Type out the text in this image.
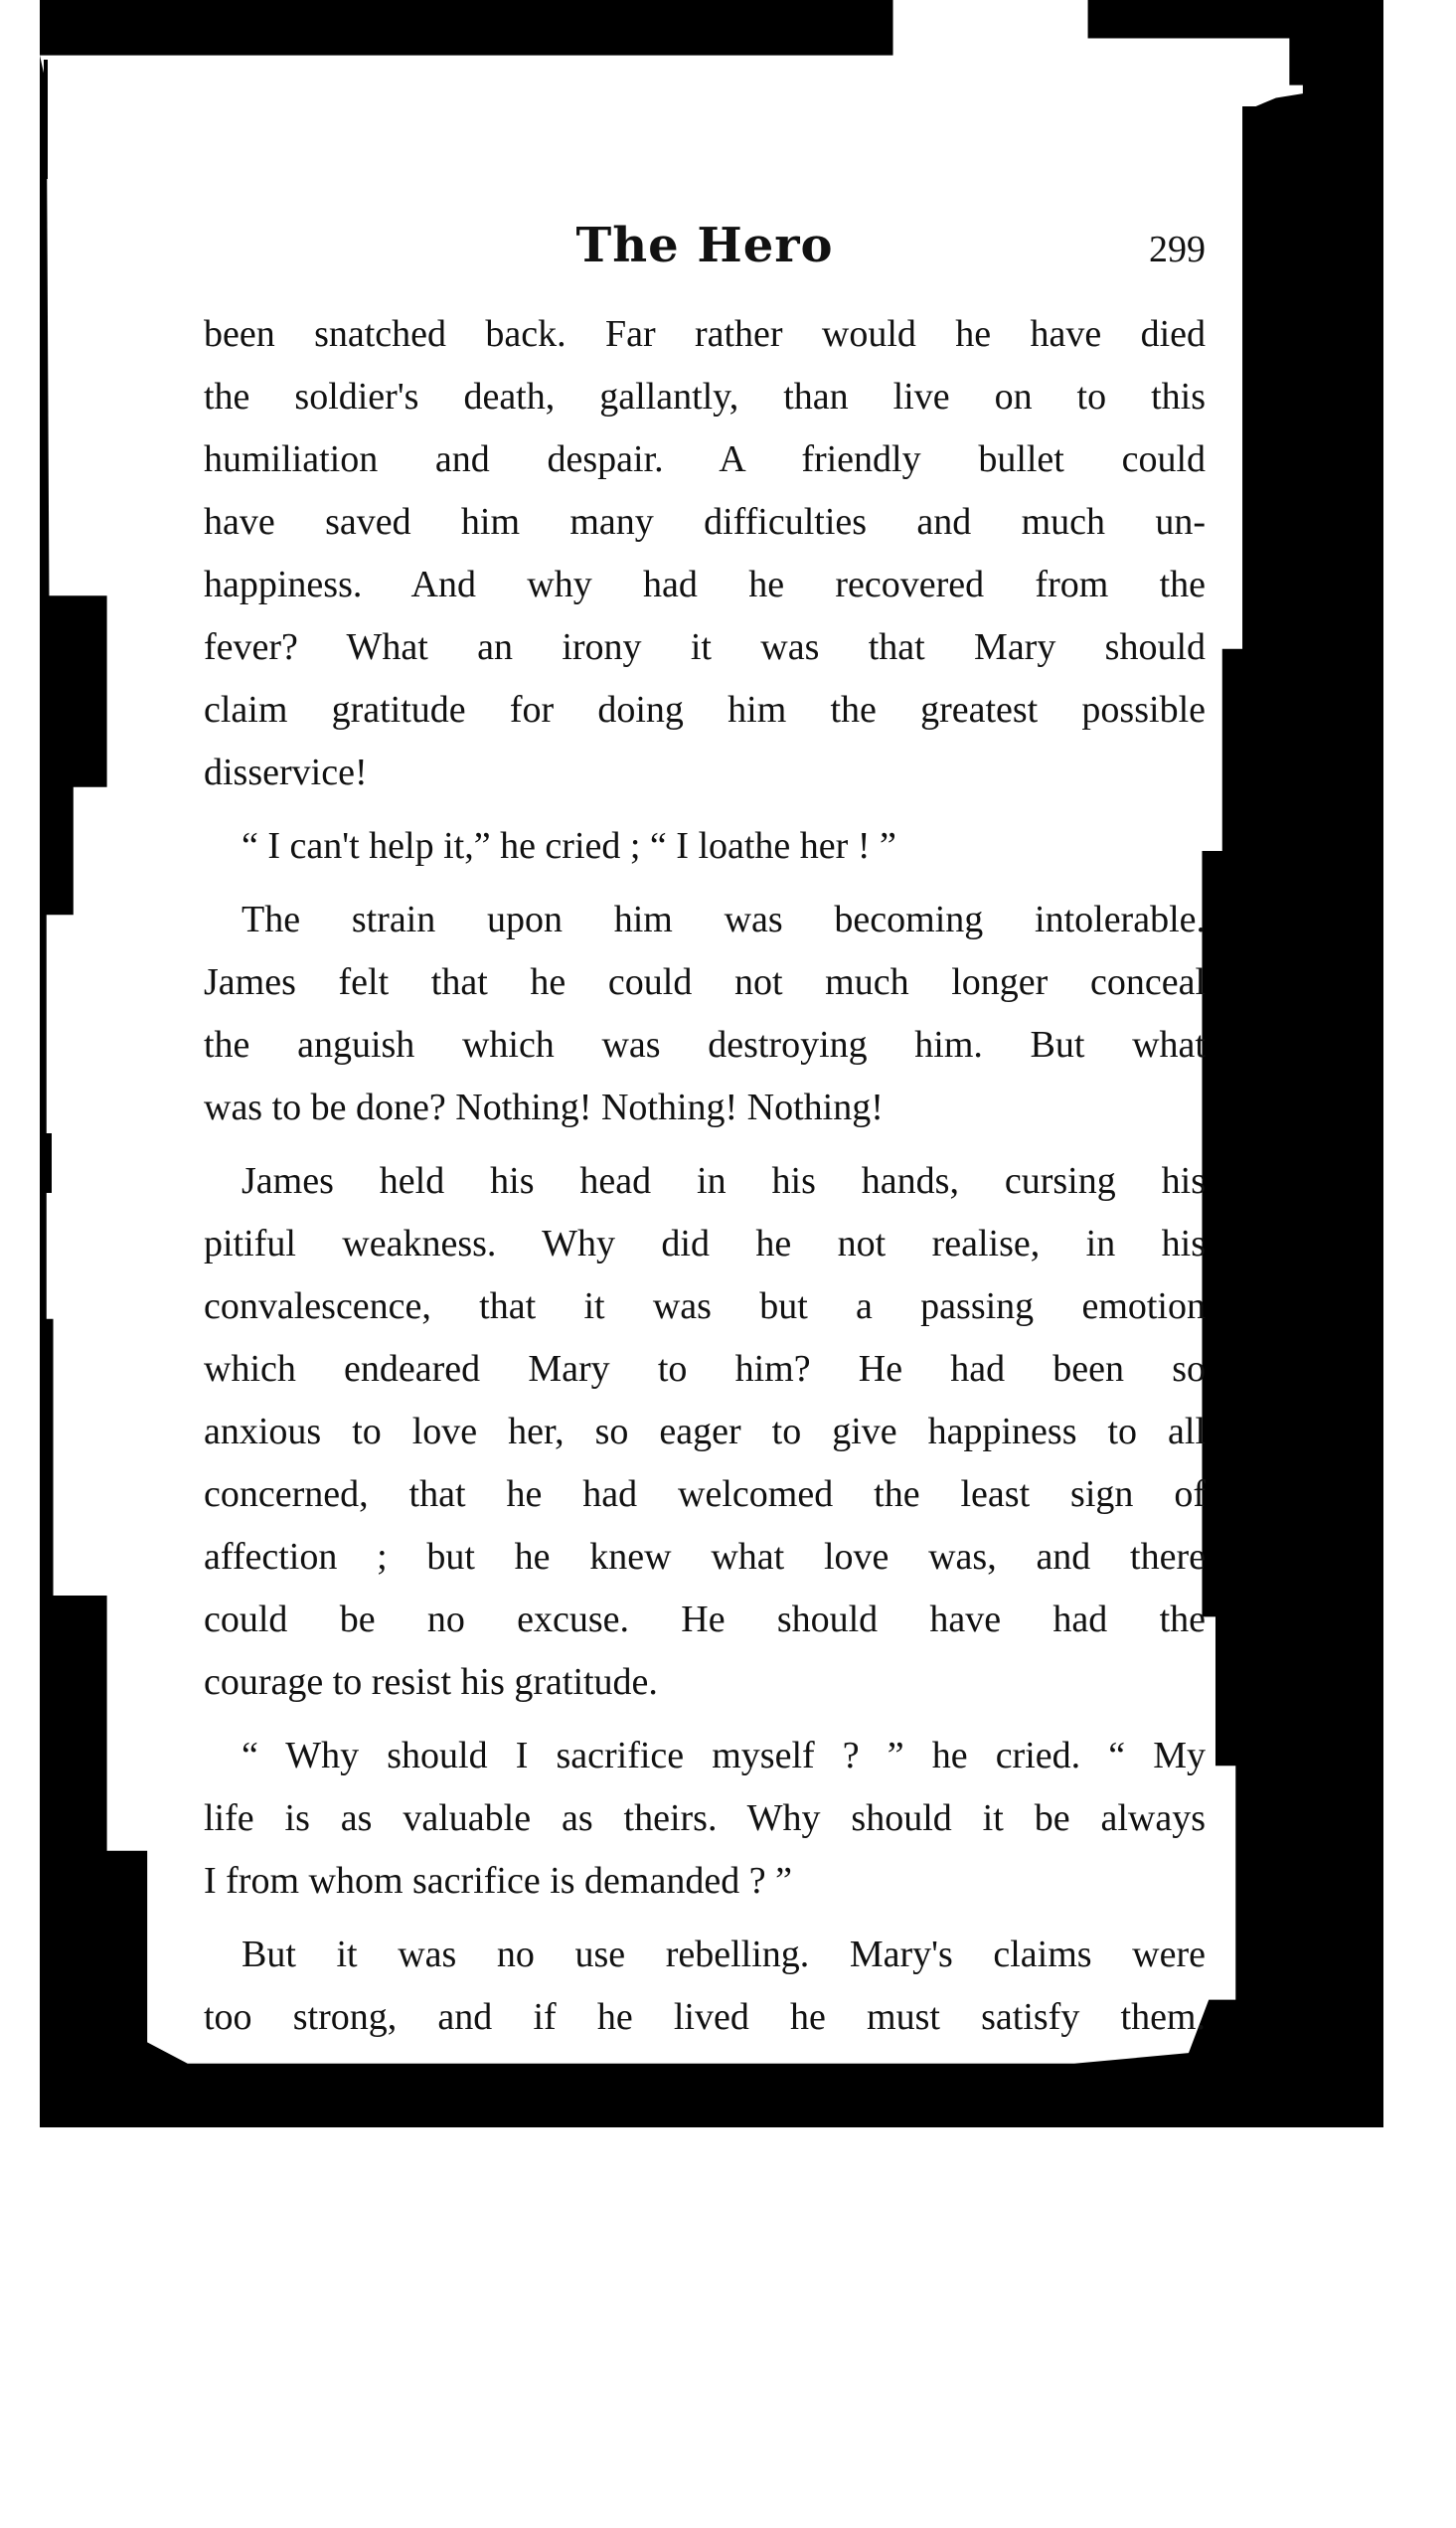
The Hero	299
been snatched back. Far rather would he have died
the soldier's death, gallantly, than live on to this
humiliation and despair. A friendly bullet could
have saved him many difficulties and much un-
happiness. And why had he recovered from the
fever? What an irony it was that Mary should
claim gratitude for doing him the greatest possible
disservice!
“ I can't help it,” he cried ; “ I loathe her ! ”
The strain upon him was becoming intolerable.
James felt that he could not much longer conceal
the anguish which was destroying him. But what
was to be done? Nothing! Nothing! Nothing!
James held his head in his hands, cursing his
pitiful weakness. Why did he not realise, in his
convalescence, that it was but a passing emotion
which endeared Mary to him? He had been so
anxious to love her, so eager to give happiness to all
concerned, that he had welcomed the least sign of
affection ; but he knew what love was, and there
could be no excuse. He should have had the
courage to resist his gratitude.
“ Why should I sacrifice myself ? ” he cried. “ My
life is as valuable as theirs. Why should it be always
I from whom sacrifice is demanded ? ”
But it was no use rebelling. Mary's claims were
too strong, and if he lived he must satisfy them.
